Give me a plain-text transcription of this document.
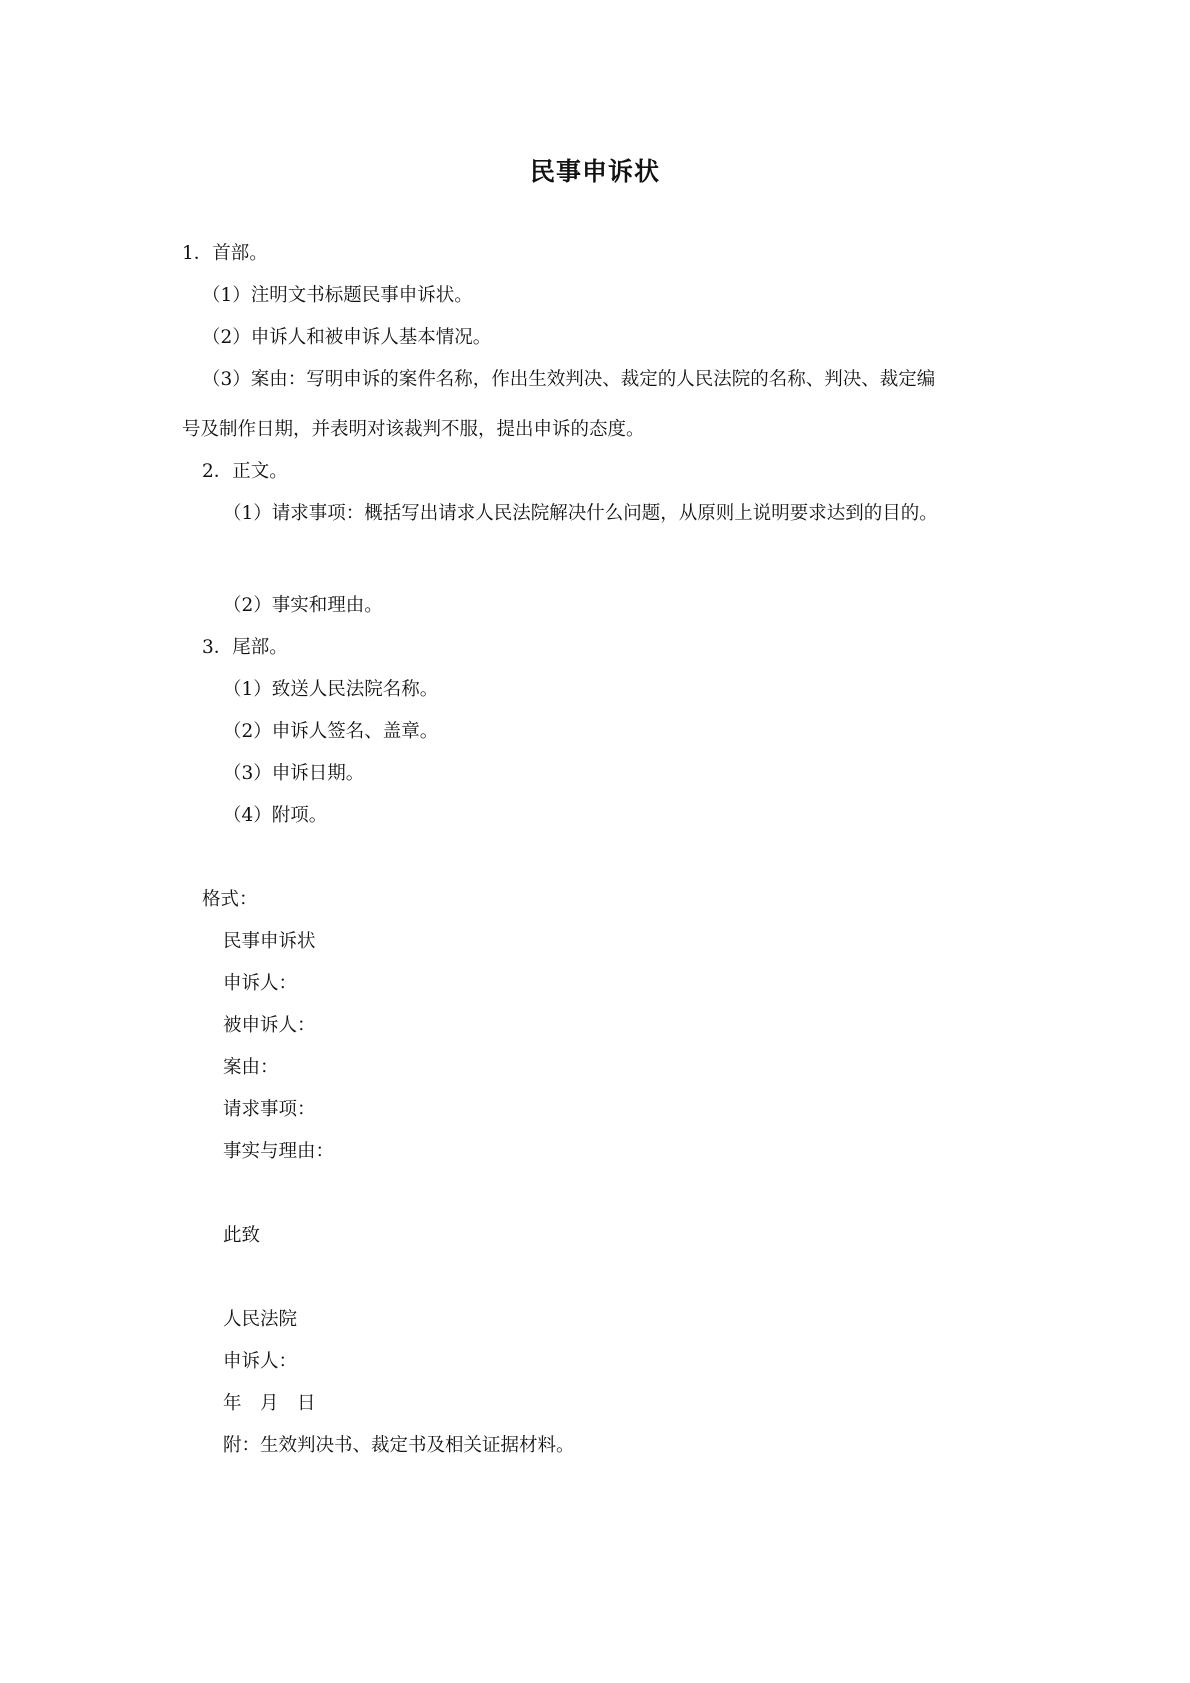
民事申诉状
1．首部。
（1）注明文书标题民事申诉状。
（2）申诉人和被申诉人基本情况。
（3）案由：写明申诉的案件名称，作出生效判决、裁定的人民法院的名称、判决、裁定编
号及制作日期，并表明对该裁判不服，提出申诉的态度。
2．正文。
（1）请求事项：概括写出请求人民法院解决什么问题，从原则上说明要求达到的目的。
（2）事实和理由。
3．尾部。
（1）致送人民法院名称。
（2）申诉人签名、盖章。
（3）申诉日期。
（4）附项。
格式：
民事申诉状
申诉人：
被申诉人：
案由：
请求事项：
事实与理由：
此致
人民法院
申诉人：
年　月　日
附：生效判决书、裁定书及相关证据材料。
